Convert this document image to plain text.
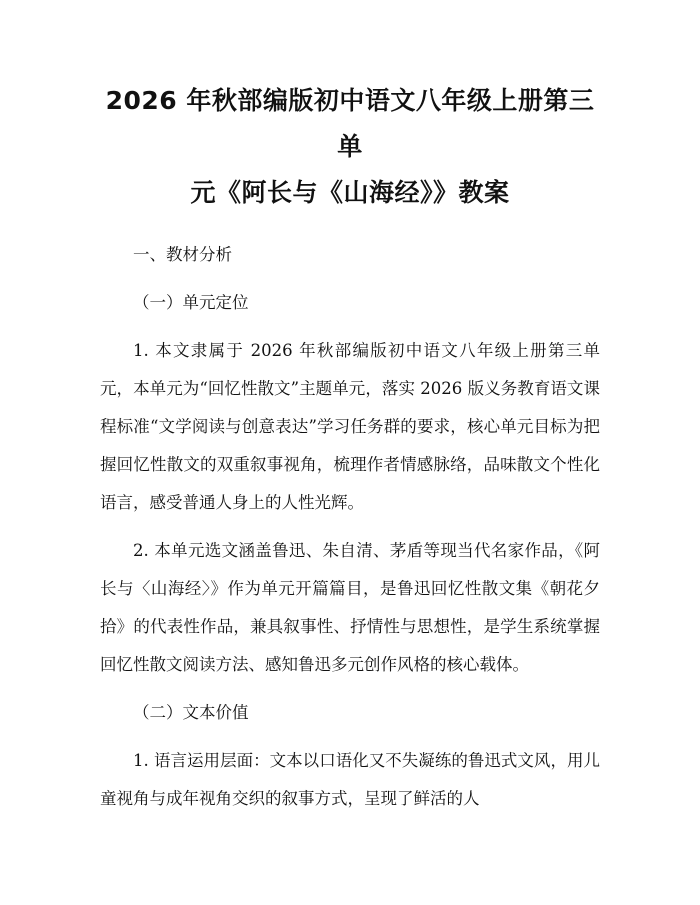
2026 年秋部编版初中语文八年级上册第三单
元《阿长与《山海经》》教案

一、教材分析

（一）单元定位

1. 本文隶属于 2026 年秋部编版初中语文八年级上册第三单元，本单元为“回忆性散文”主题单元，落实 2026 版义务教育语文课程标准“文学阅读与创意表达”学习任务群的要求，核心单元目标为把握回忆性散文的双重叙事视角，梳理作者情感脉络，品味散文个性化语言，感受普通人身上的人性光辉。

2. 本单元选文涵盖鲁迅、朱自清、茅盾等现当代名家作品，《阿长与〈山海经〉》作为单元开篇篇目，是鲁迅回忆性散文集《朝花夕拾》的代表性作品，兼具叙事性、抒情性与思想性，是学生系统掌握回忆性散文阅读方法、感知鲁迅多元创作风格的核心载体。

（二）文本价值

1. 语言运用层面：文本以口语化又不失凝练的鲁迅式文风，用儿童视角与成年视角交织的叙事方式，呈现了鲜活的人
